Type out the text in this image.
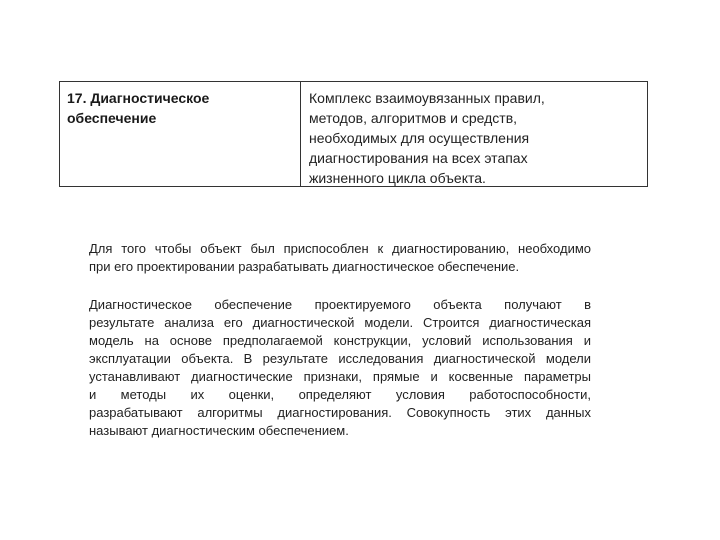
17. Диагностическое
обеспечение
Комплекс взаимоувязанных правил,
методов, алгоритмов и средств,
необходимых для осуществления
диагностирования на всех этапах
жизненного цикла объекта.

Для того чтобы объект был приспособлен к диагностированию, необходимо
при его проектировании разрабатывать диагностическое обеспечение.

Диагностическое обеспечение проектируемого объекта получают в
результате анализа его диагностической модели. Строится диагностическая
модель на основе предполагаемой конструкции, условий использования и
эксплуатации объекта. В результате исследования диагностической модели
устанавливают диагностические признаки, прямые и косвенные параметры
и методы их оценки, определяют условия работоспособности,
разрабатывают алгоритмы диагностирования. Совокупность этих данных
называют диагностическим обеспечением.
